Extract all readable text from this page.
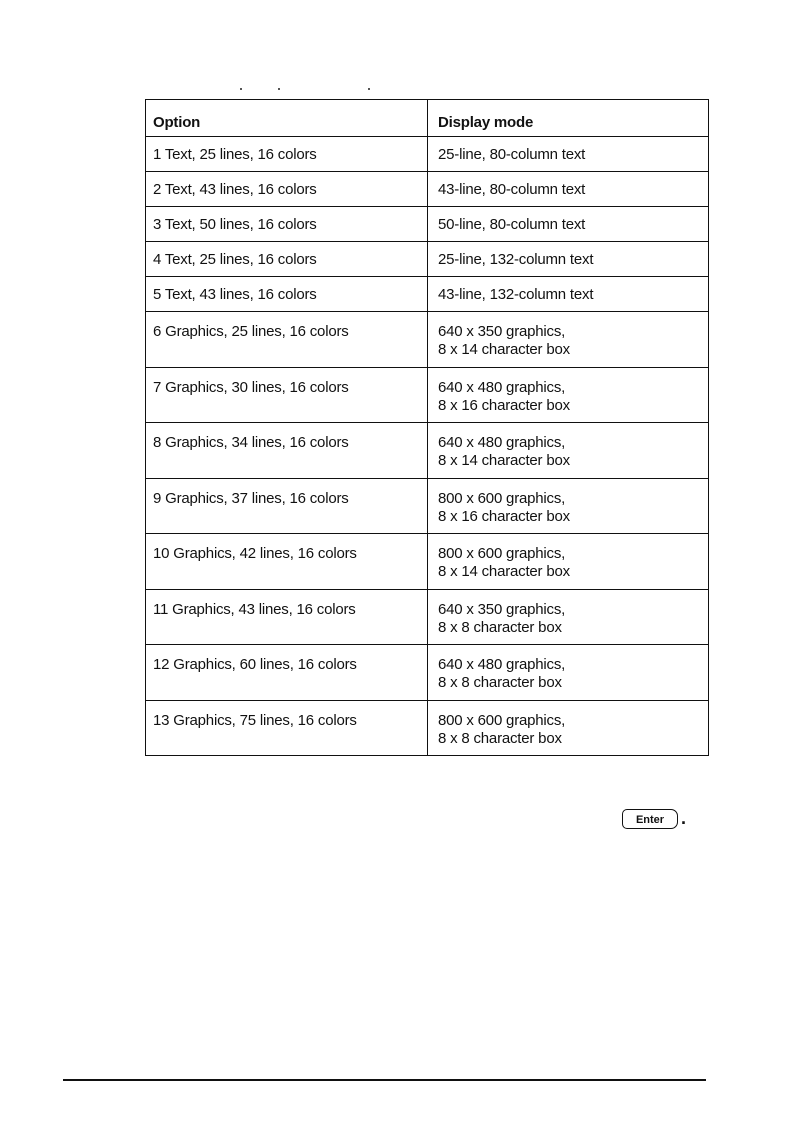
Option	Display mode
1 Text, 25 lines, 16 colors	25-line, 80-column text

2 Text, 43 lines, 16 colors	43-line, 80-column text

3 Text, 50 lines, 16 colors	50-line, 80-column text

4 Text, 25 lines, 16 colors	25-line, 132-column text

5 Text, 43 lines, 16 colors	43-line, 132-column text

6 Graphics, 25 lines, 16 colors	640 x 350 graphics,
8 x 14 character box

7 Graphics, 30 lines, 16 colors	640 x 480 graphics,
8 x 16 character box

8 Graphics, 34 lines, 16 colors	640 x 480 graphics,
8 x 14 character box

9 Graphics, 37 lines, 16 colors	800 x 600 graphics,
8 x 16 character box

10 Graphics, 42 lines, 16 colors	800 x 600 graphics,
8 x 14 character box

11 Graphics, 43 lines, 16 colors	640 x 350 graphics,
8 x 8 character box

12 Graphics, 60 lines, 16 colors	640 x 480 graphics,
8 x 8 character box

13 Graphics, 75 lines, 16 colors	800 x 600 graphics,
8 x 8 character box
Enter .
